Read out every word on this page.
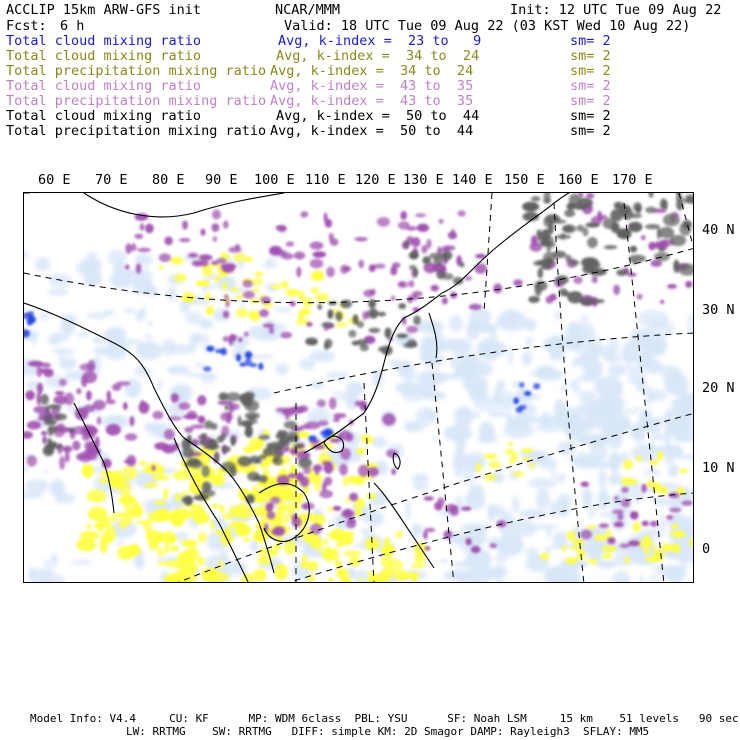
ACCLIP 15km ARW-GFS init	NCAR/MMM	Init: 12 UTC Tue 09 Aug 22
Fcst: 6 h	Valid: 18 UTC Tue 09 Aug 22 (03 KST Wed 10 Aug 22)
Total cloud mixing ratio	Avg, k-index =  23 to   9	sm= 2
Total cloud mixing ratio	Avg, k-index =  34 to  24	sm= 2
Total precipitation mixing ratio Avg, k-index =  34 to  24	sm= 2
Total cloud mixing ratio	Avg, k-index =  43 to  35	sm= 2
Total precipitation mixing ratio Avg, k-index =  43 to  35	sm= 2
Total cloud mixing ratio	Avg, k-index =  50 to  44	sm= 2
Total precipitation mixing ratio Avg, k-index =  50 to  44	sm= 2
60 E 70 E 80 E 90 E 100 E 110 E 120 E 130 E 140 E 150 E 160 E 170 E
40 N
30 N
20 N
10 N
0
Model Info: V4.4     CU: KF      MP: WDM 6class  PBL: YSU      SF: Noah LSM     15 km    51 levels   90 sec
LW: RRTMG    SW: RRTMG   DIFF: simple KM: 2D Smagor DAMP: Rayleigh3  SFLAY: MM5
